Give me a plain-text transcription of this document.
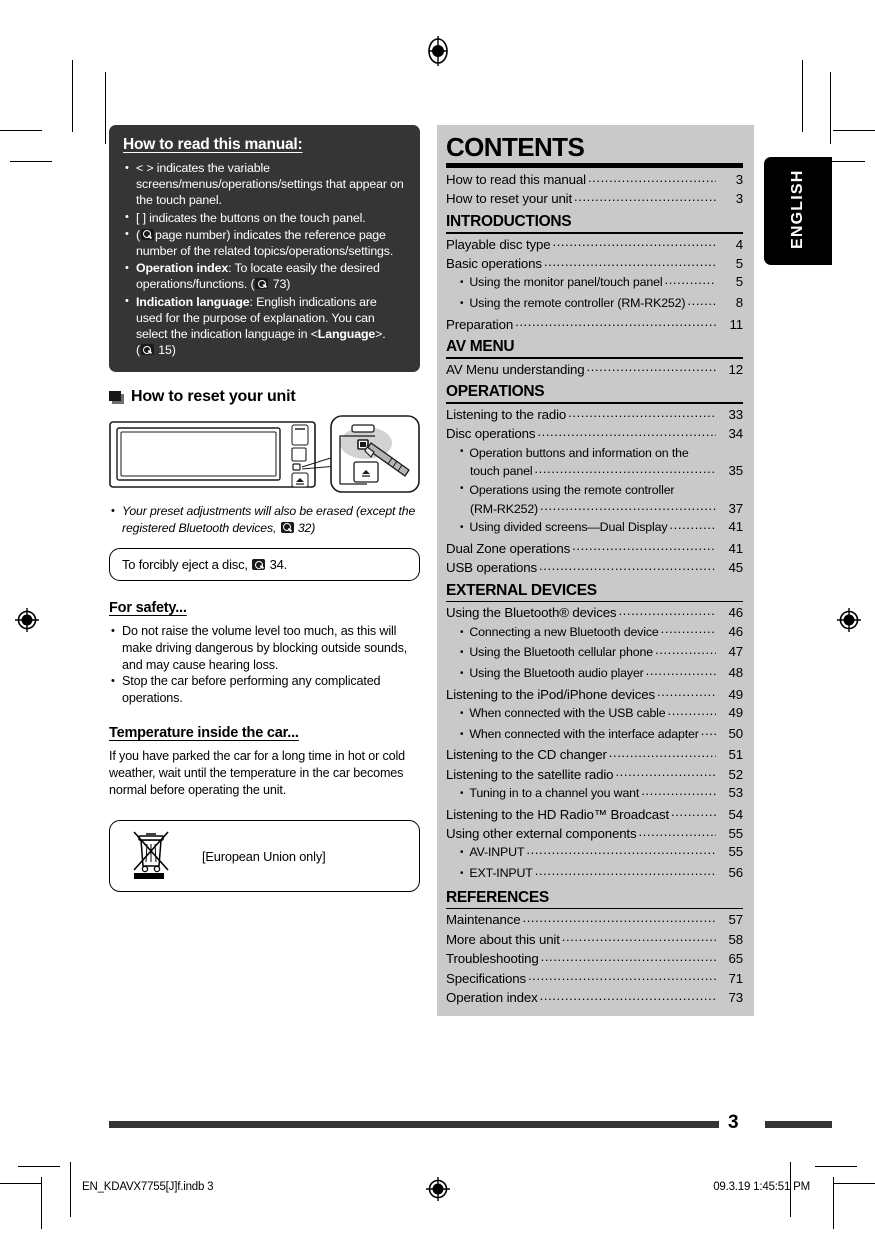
ENGLISH
How to read this manual:
• < > indicates the variable screens/menus/operations/settings that appear on the touch panel.
• [ ] indicates the buttons on the touch panel.
• ( page number) indicates the reference page number of the related topics/operations/settings.
• Operation index: To locate easily the desired operations/functions. ( 73)
• Indication language: English indications are used for the purpose of explanation. You can select the indication language in <Language>.
( 15)
How to reset your unit
• Your preset adjustments will also be erased (except the registered Bluetooth devices, 32)
To forcibly eject a disc, 34.
For safety...
• Do not raise the volume level too much, as this will make driving dangerous by blocking outside sounds, and may cause hearing loss.
• Stop the car before performing any complicated operations.
Temperature inside the car...
If you have parked the car for a long time in hot or cold weather, wait until the temperature in the car becomes normal before operating the unit.
[European Union only]
CONTENTS
How to read this manual .....	3
How to reset your unit .....	3
INTRODUCTIONS
Playable disc type .....	4
Basic operations .....	5
• Using the monitor panel/touch panel .....	5
• Using the remote controller (RM-RK252) .....	8
Preparation .....	11
AV MENU
AV Menu understanding .....	12
OPERATIONS
Listening to the radio .....	33
Disc operations .....	34
• Operation buttons and information on the
touch panel .....	35
• Operations using the remote controller
(RM-RK252) .....	37
• Using divided screens—Dual Display .....	41
Dual Zone operations .....	41
USB operations .....	45
EXTERNAL DEVICES
Using the Bluetooth® devices .....	46
• Connecting a new Bluetooth device .....	46
• Using the Bluetooth cellular phone .....	47
• Using the Bluetooth audio player .....	48
Listening to the iPod/iPhone devices .....	49
• When connected with the USB cable .....	49
• When connected with the interface adapter .....	50
Listening to the CD changer .....	51
Listening to the satellite radio .....	52
• Tuning in to a channel you want .....	53
Listening to the HD Radio™ Broadcast .....	54
Using other external components .....	55
• AV-INPUT .....	55
• EXT-INPUT .....	56
REFERENCES
Maintenance .....	57
More about this unit .....	58
Troubleshooting .....	65
Specifications .....	71
Operation index .....	73
3
EN_KDAVX7755[J]f.indb 3	09.3.19 1:45:51 PM
